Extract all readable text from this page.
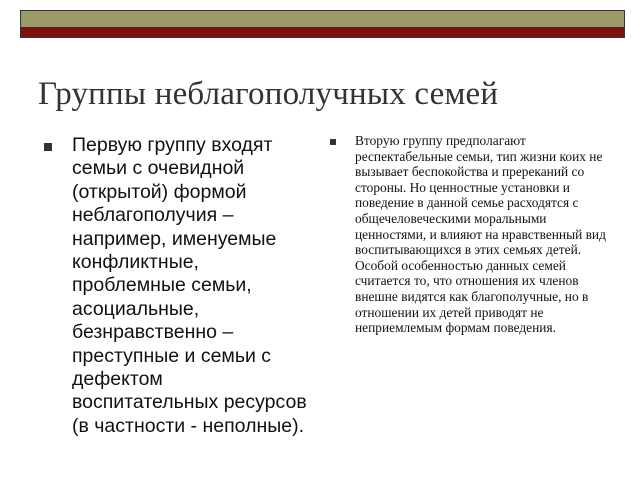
Группы неблагополучных семей

Первую группу входят семьи с очевидной (открытой) формой неблагополучия – например, именуемые конфликтные, проблемные семьи, асоциальные, безнравственно – преступные и семьи с дефектом воспитательных ресурсов (в частности - неполные).

Вторую группу предполагают респектабельные семьи, тип жизни коих не вызывает беспокойства и пререканий со стороны. Но ценностные установки и поведение в данной семье расходятся с общечеловеческими моральными ценностями, и влияют на нравственный вид воспитывающихся в этих семьях детей. Особой особенностью данных семей считается то, что отношения их членов внешне видятся как благополучные, но в отношении их детей приводят не неприемлемым формам поведения.
